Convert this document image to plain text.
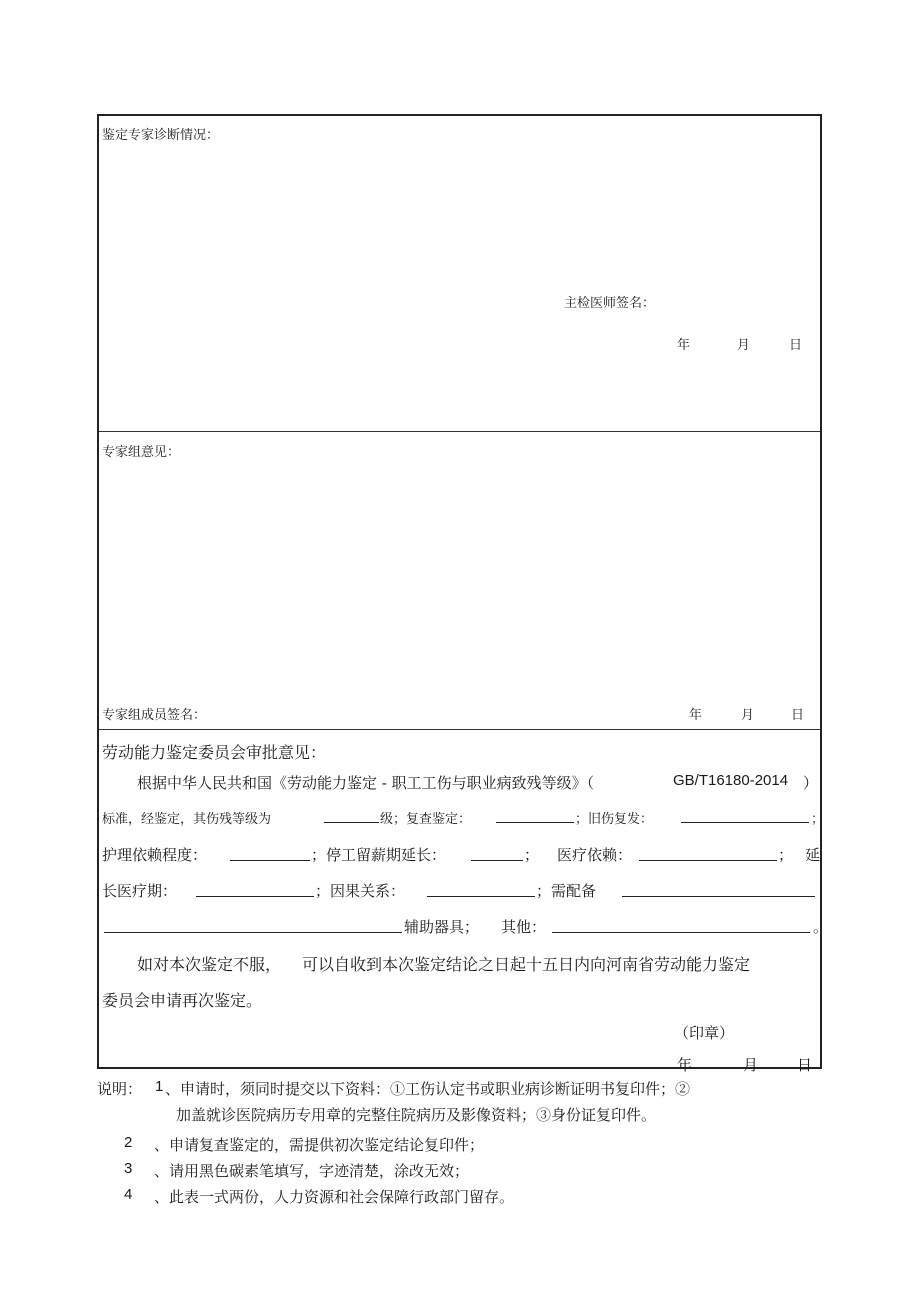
鉴定专家诊断情况：
主检医师签名：
年	月	日
专家组意见：
专家组成员签名：	年	月	日
劳动能力鉴定委员会审批意见：
根据中华人民共和国《劳动能力鉴定 - 职工工伤与职业病致残等级》（	GB/T16180-2014 ）
标准，经鉴定，其伤残等级为	级；复查鉴定：	；旧伤复发：	；
护理依赖程度：	；停工留薪期延长：	； 医疗依赖：	； 延
长医疗期：	；因果关系：	；需配备
辅助器具； 其他：	。
如对本次鉴定不服， 可以自收到本次鉴定结论之日起十五日内向河南省劳动能力鉴定
委员会申请再次鉴定。
（印章）
年	月	日
说明： 1 、申请时，须同时提交以下资料：①工伤认定书或职业病诊断证明书复印件；②
加盖就诊医院病历专用章的完整住院病历及影像资料；③身份证复印件。
2 、申请复查鉴定的，需提供初次鉴定结论复印件；
3 、请用黑色碳素笔填写，字迹清楚，涂改无效；
4 、此表一式两份，人力资源和社会保障行政部门留存。
